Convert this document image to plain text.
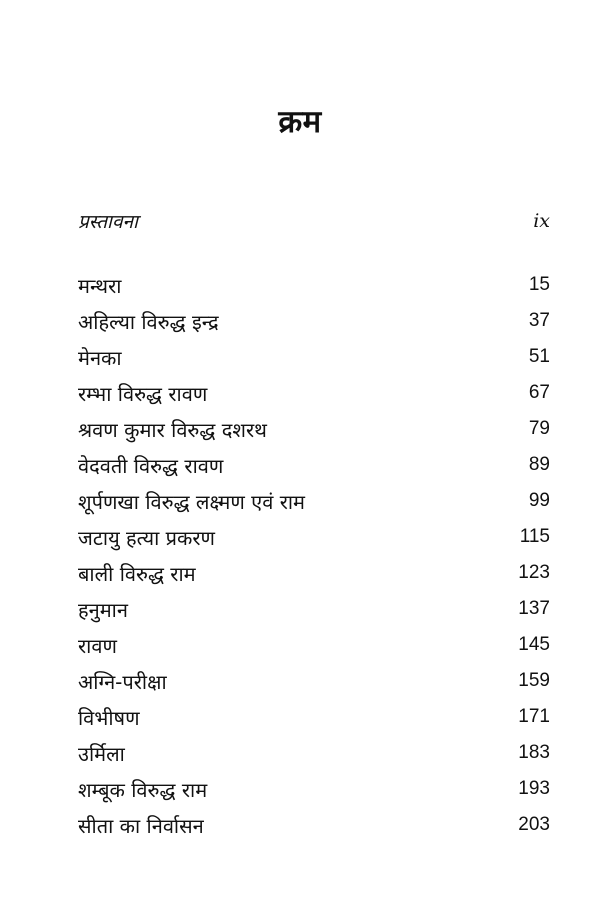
क्रम
प्रस्तावना	ix
मन्थरा	15
अहिल्या विरुद्ध इन्द्र	37
मेनका	51
रम्भा विरुद्ध रावण	67
श्रवण कुमार विरुद्ध दशरथ	79
वेदवती विरुद्ध रावण	89
शूर्पणखा विरुद्ध लक्ष्मण एवं राम	99
जटायु हत्या प्रकरण	115
बाली विरुद्ध राम	123
हनुमान	137
रावण	145
अग्नि-परीक्षा	159
विभीषण	171
उर्मिला	183
शम्बूक विरुद्ध राम	193
सीता का निर्वासन	203
